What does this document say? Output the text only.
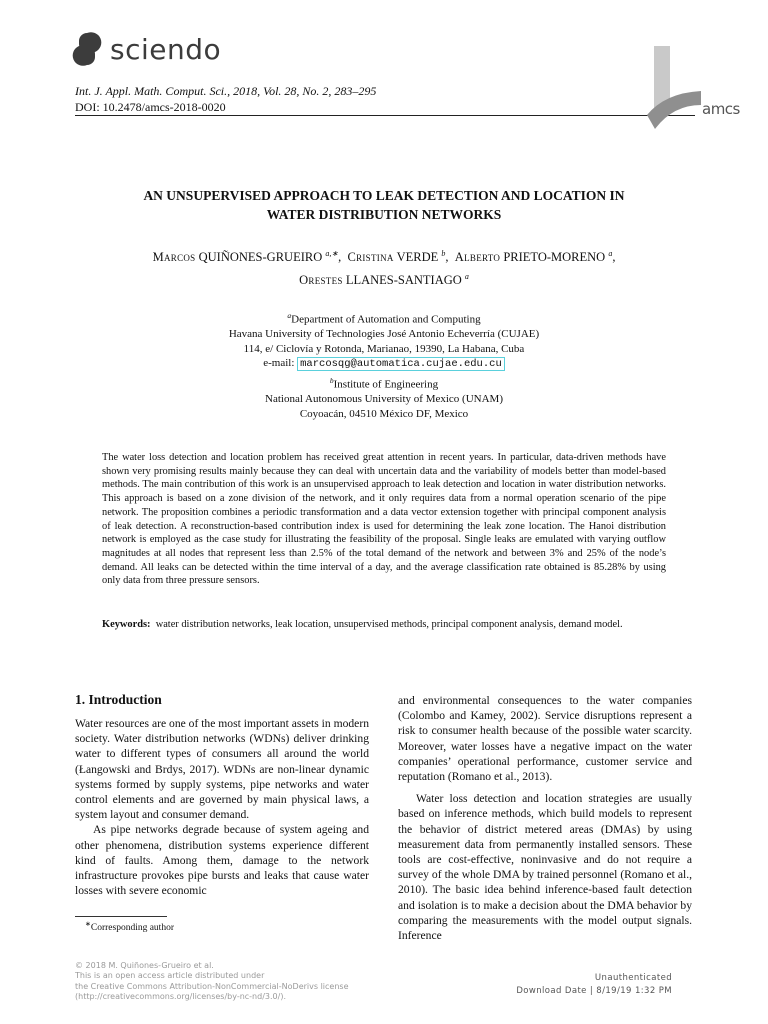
sciendo
Int. J. Appl. Math. Comput. Sci., 2018, Vol. 28, No. 2, 283–295
DOI: 10.2478/amcs-2018-0020	amcs
AN UNSUPERVISED APPROACH TO LEAK DETECTION AND LOCATION IN
WATER DISTRIBUTION NETWORKS
Marcos QUIÑONES-GRUEIRO $^{a,∗}$, Cristina VERDE $^b$, Alberto PRIETO-MORENO $^a$,
Orestes LLANES-SANTIAGO $^a$
$^a$Department of Automation and Computing
Havana University of Technologies José Antonio Echeverría (CUJAE)
114, e/ Ciclovía y Rotonda, Marianao, 19390, La Habana, Cuba
e-mail: marcosqg@automatica.cujae.edu.cu
$^b$Institute of Engineering
National Autonomous University of Mexico (UNAM)
Coyoacán, 04510 México DF, Mexico
The water loss detection and location problem has received great attention in recent years. In particular, data-driven methods have shown very promising results mainly because they can deal with uncertain data and the variability of models better than model-based methods. The main contribution of this work is an unsupervised approach to leak detection and location in water distribution networks. This approach is based on a zone division of the network, and it only requires data from a normal operation scenario of the pipe network. The proposition combines a periodic transformation and a data vector extension together with principal component analysis of leak detection. A reconstruction-based contribution index is used for determining the leak zone location. The Hanoi distribution network is employed as the case study for illustrating the feasibility of the proposal. Single leaks are emulated with varying outflow magnitudes at all nodes that represent less than 2.5% of the total demand of the network and between 3% and 25% of the node’s demand. All leaks can be detected within the time interval of a day, and the average classification rate obtained is 85.28% by using only data from three pressure sensors.
Keywords: water distribution networks, leak location, unsupervised methods, principal component analysis, demand model.
1. Introduction

Water resources are one of the most important assets in modern society. Water distribution networks (WDNs) deliver drinking water to different types of consumers all around the world (Łangowski and Brdys, 2017). WDNs are non-linear dynamic systems formed by supply systems, pipe networks and water control elements and are governed by main physical laws, a system layout and consumer demand.

As pipe networks degrade because of system ageing and other phenomena, distribution systems experience different kind of faults. Among them, damage to the network infrastructure provokes pipe bursts and leaks that cause water losses with severe economic

and environmental consequences to the water companies (Colombo and Kamey, 2002). Service disruptions represent a risk to consumer health because of the possible water scarcity. Moreover, water losses have a negative impact on the water companies’ operational performance, customer service and reputation (Romano et al., 2013).

Water loss detection and location strategies are usually based on inference methods, which build models to represent the behavior of district metered areas (DMAs) by using measurement data from permanently installed sensors. These tools are cost-effective, noninvasive and do not require a survey of the whole DMA by trained personnel (Romano et al., 2010). The basic idea behind inference-based fault detection and isolation is to make a decision about the DMA behavior by comparing the measurements with the model output signals. Inference

∗Corresponding author
© 2018 M. Quiñones-Grueiro et al.
This is an open access article distributed under
the Creative Commons Attribution-NonCommercial-NoDerivs license
(http://creativecommons.org/licenses/by-nc-nd/3.0/).
Unauthenticated
Download Date | 8/19/19 1:32 PM
